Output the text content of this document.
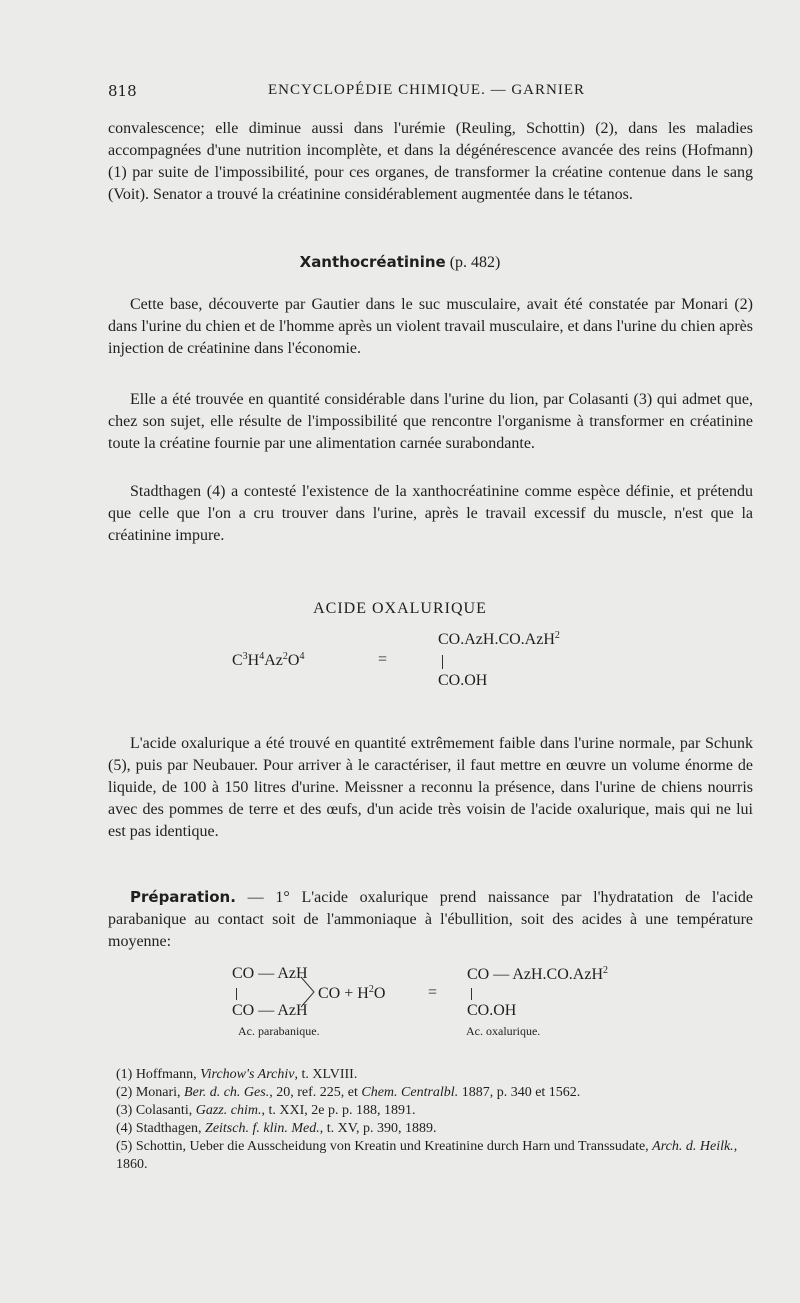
818	ENCYCLOPÉDIE CHIMIQUE. — GARNIER
convalescence; elle diminue aussi dans l'urémie (Reuling, Schottin) (2), dans les maladies accompagnées d'une nutrition incomplète, et dans la dégénérescence avancée des reins (Hofmann) (1) par suite de l'impossibilité, pour ces organes, de transformer la créatine contenue dans le sang (Voit). Senator a trouvé la créatinine considérablement augmentée dans le tétanos.
Xanthocréatinine (p. 482)
Cette base, découverte par Gautier dans le suc musculaire, avait été constatée par Monari (2) dans l'urine du chien et de l'homme après un violent travail musculaire, et dans l'urine du chien après injection de créatinine dans l'économie.
Elle a été trouvée en quantité considérable dans l'urine du lion, par Colasanti (3) qui admet que, chez son sujet, elle résulte de l'impossibilité que rencontre l'organisme à transformer en créatinine toute la créatine fournie par une alimentation carnée surabondante.
Stadthagen (4) a contesté l'existence de la xanthocréatinine comme espèce définie, et prétendu que celle que l'on a cru trouver dans l'urine, après le travail excessif du muscle, n'est que la créatinine impure.
ACIDE OXALURIQUE
$C^3H^4Az^2O^4$	=
CO.AzH.CO.AzH$^2$
CO.OH
L'acide oxalurique a été trouvé en quantité extrêmement faible dans l'urine normale, par Schunk (5), puis par Neubauer. Pour arriver à le caractériser, il faut mettre en œuvre un volume énorme de liquide, de 100 à 150 litres d'urine. Meissner a reconnu la présence, dans l'urine de chiens nourris avec des pommes de terre et des œufs, d'un acide très voisin de l'acide oxalurique, mais qui ne lui est pas identique.
Préparation. — 1° L'acide oxalurique prend naissance par l'hydratation de l'acide parabanique au contact soit de l'ammoniaque à l'ébullition, soit des acides à une température moyenne:
CO — AzH
CO — AzH
CO + $H^2O$	=
CO — AzH.CO.AzH$^2$
CO.OH
Ac. parabanique.	Ac. oxalurique.
(1) Hoffmann, Virchow's Archiv, t. XLVIII.
(2) Monari, Ber. d. ch. Ges., 20, ref. 225, et Chem. Centralbl. 1887, p. 340 et 1562.
(3) Colasanti, Gazz. chim., t. XXI, 2e p. p. 188, 1891.
(4) Stadthagen, Zeitsch. f. klin. Med., t. XV, p. 390, 1889.
(5) Schottin, Ueber die Ausscheidung von Kreatin und Kreatinine durch Harn und Transsudate, Arch. d. Heilk., 1860.
